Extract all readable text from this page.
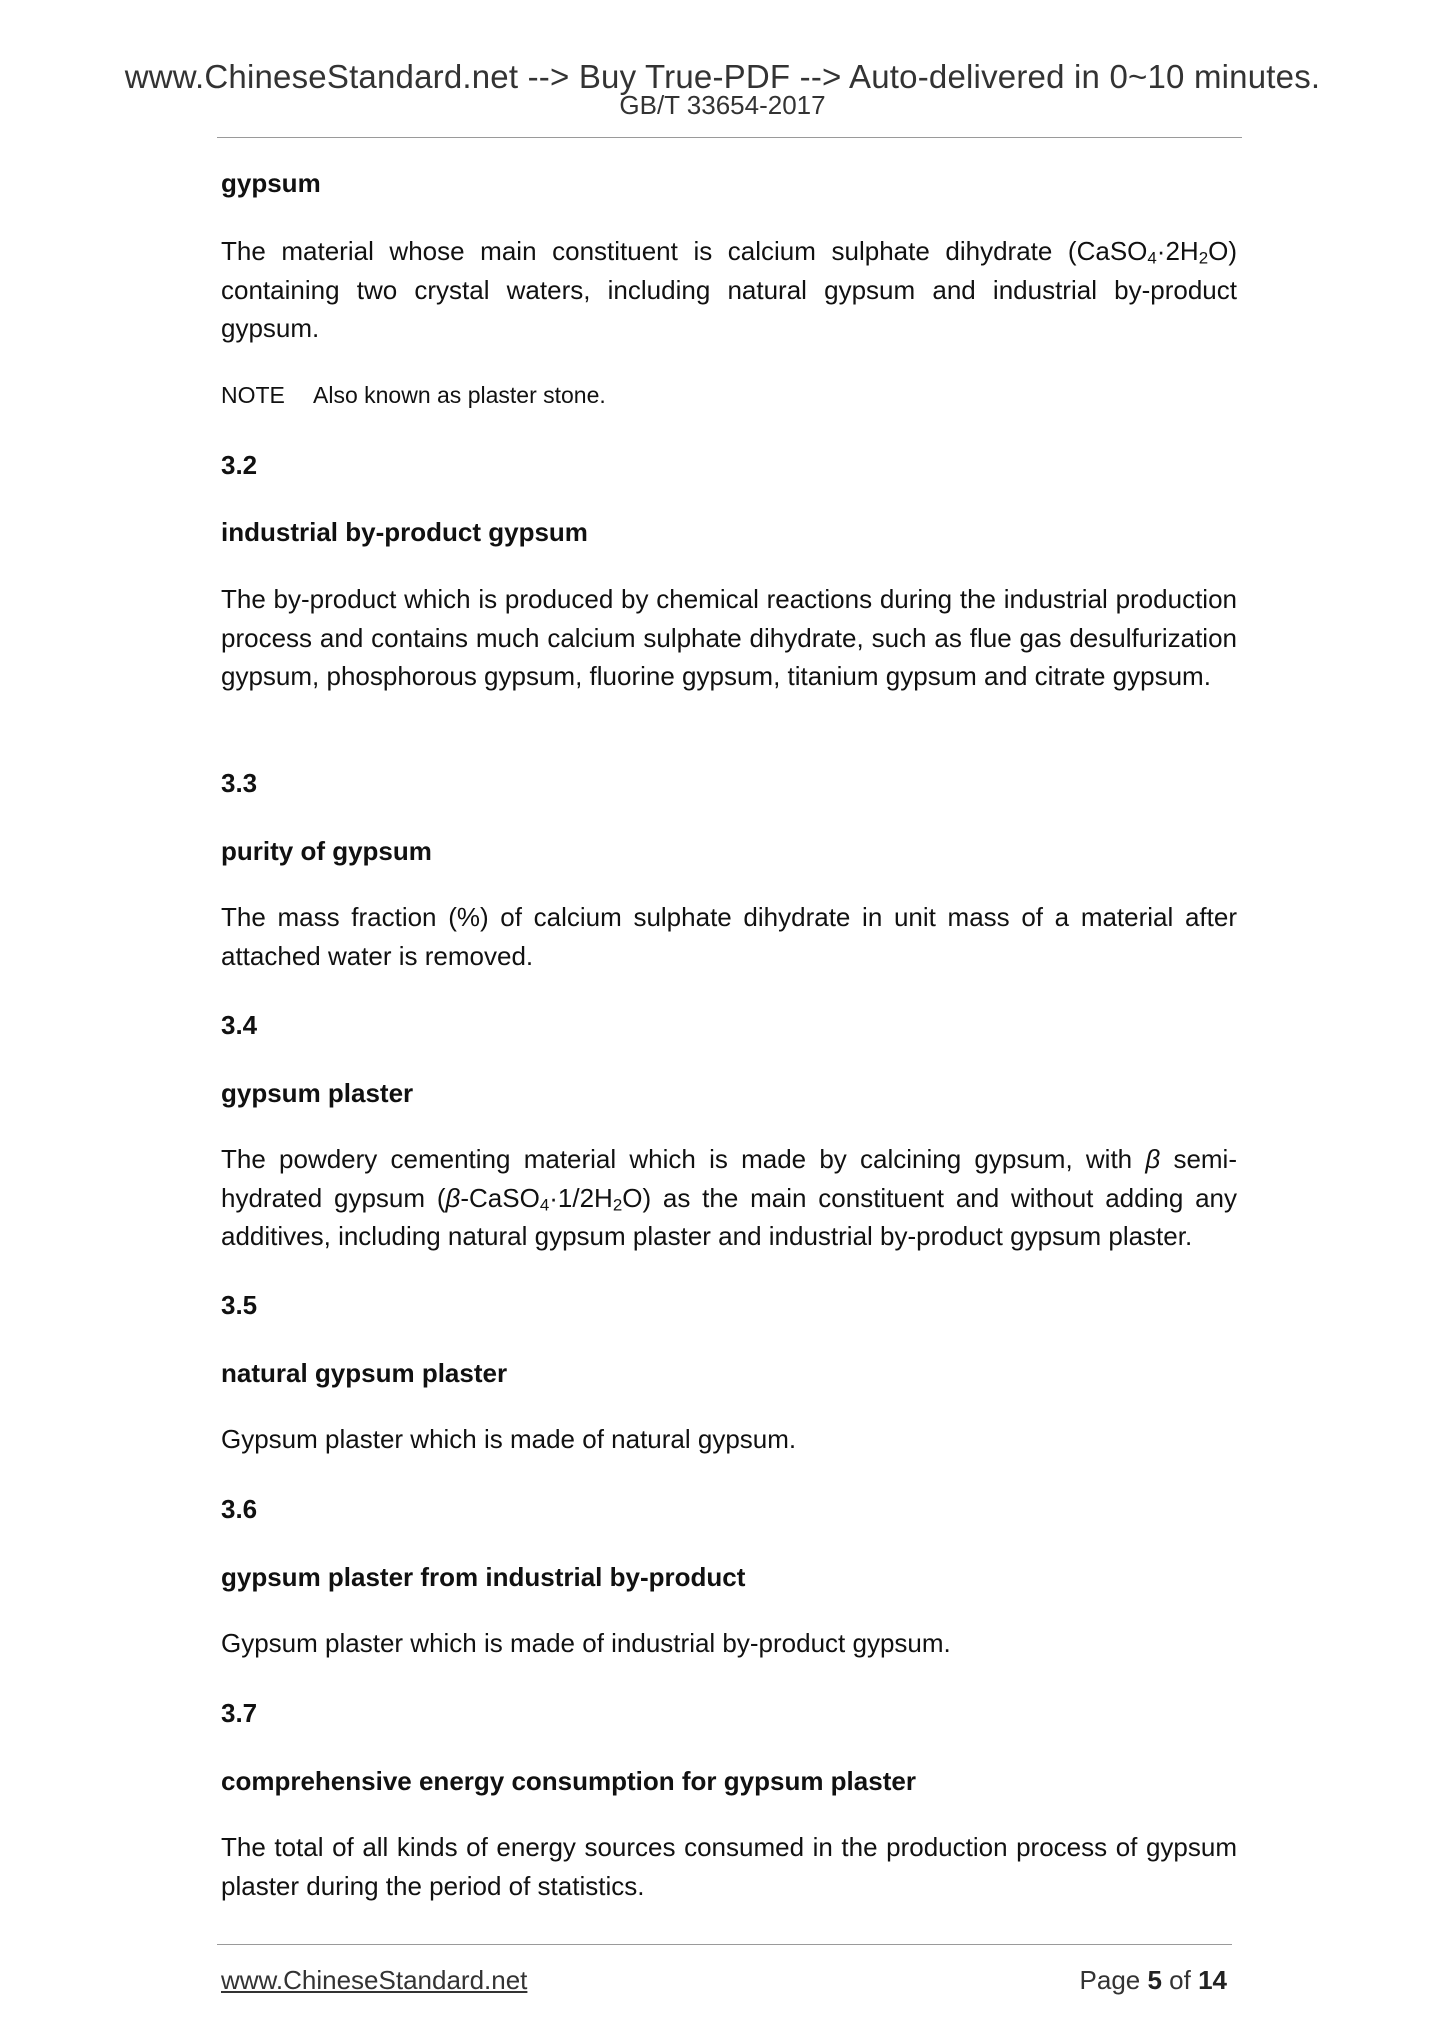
www.ChineseStandard.net --> Buy True-PDF --> Auto-delivered in 0~10 minutes.
GB/T 33654-2017

gypsum

The material whose main constituent is calcium sulphate dihydrate $(CaSO_4\cdot 2H_2O)$ containing two crystal waters, including natural gypsum and industrial by-product gypsum.

NOTE Also known as plaster stone.

3.2

industrial by-product gypsum

The by-product which is produced by chemical reactions during the industrial production process and contains much calcium sulphate dihydrate, such as flue gas desulfurization gypsum, phosphorous gypsum, fluorine gypsum, titanium gypsum and citrate gypsum.

3.3

purity of gypsum

The mass fraction (%) of calcium sulphate dihydrate in unit mass of a material after attached water is removed.

3.4

gypsum plaster

The powdery cementing material which is made by calcining gypsum, with β semi-hydrated gypsum $(\beta-CaSO_4\cdot 1/2H_2O)$ as the main constituent and without adding any additives, including natural gypsum plaster and industrial by-product gypsum plaster.

3.5

natural gypsum plaster

Gypsum plaster which is made of natural gypsum.

3.6

gypsum plaster from industrial by-product

Gypsum plaster which is made of industrial by-product gypsum.

3.7

comprehensive energy consumption for gypsum plaster

The total of all kinds of energy sources consumed in the production process of gypsum plaster during the period of statistics.

www.ChineseStandard.net	Page 5 of 14
